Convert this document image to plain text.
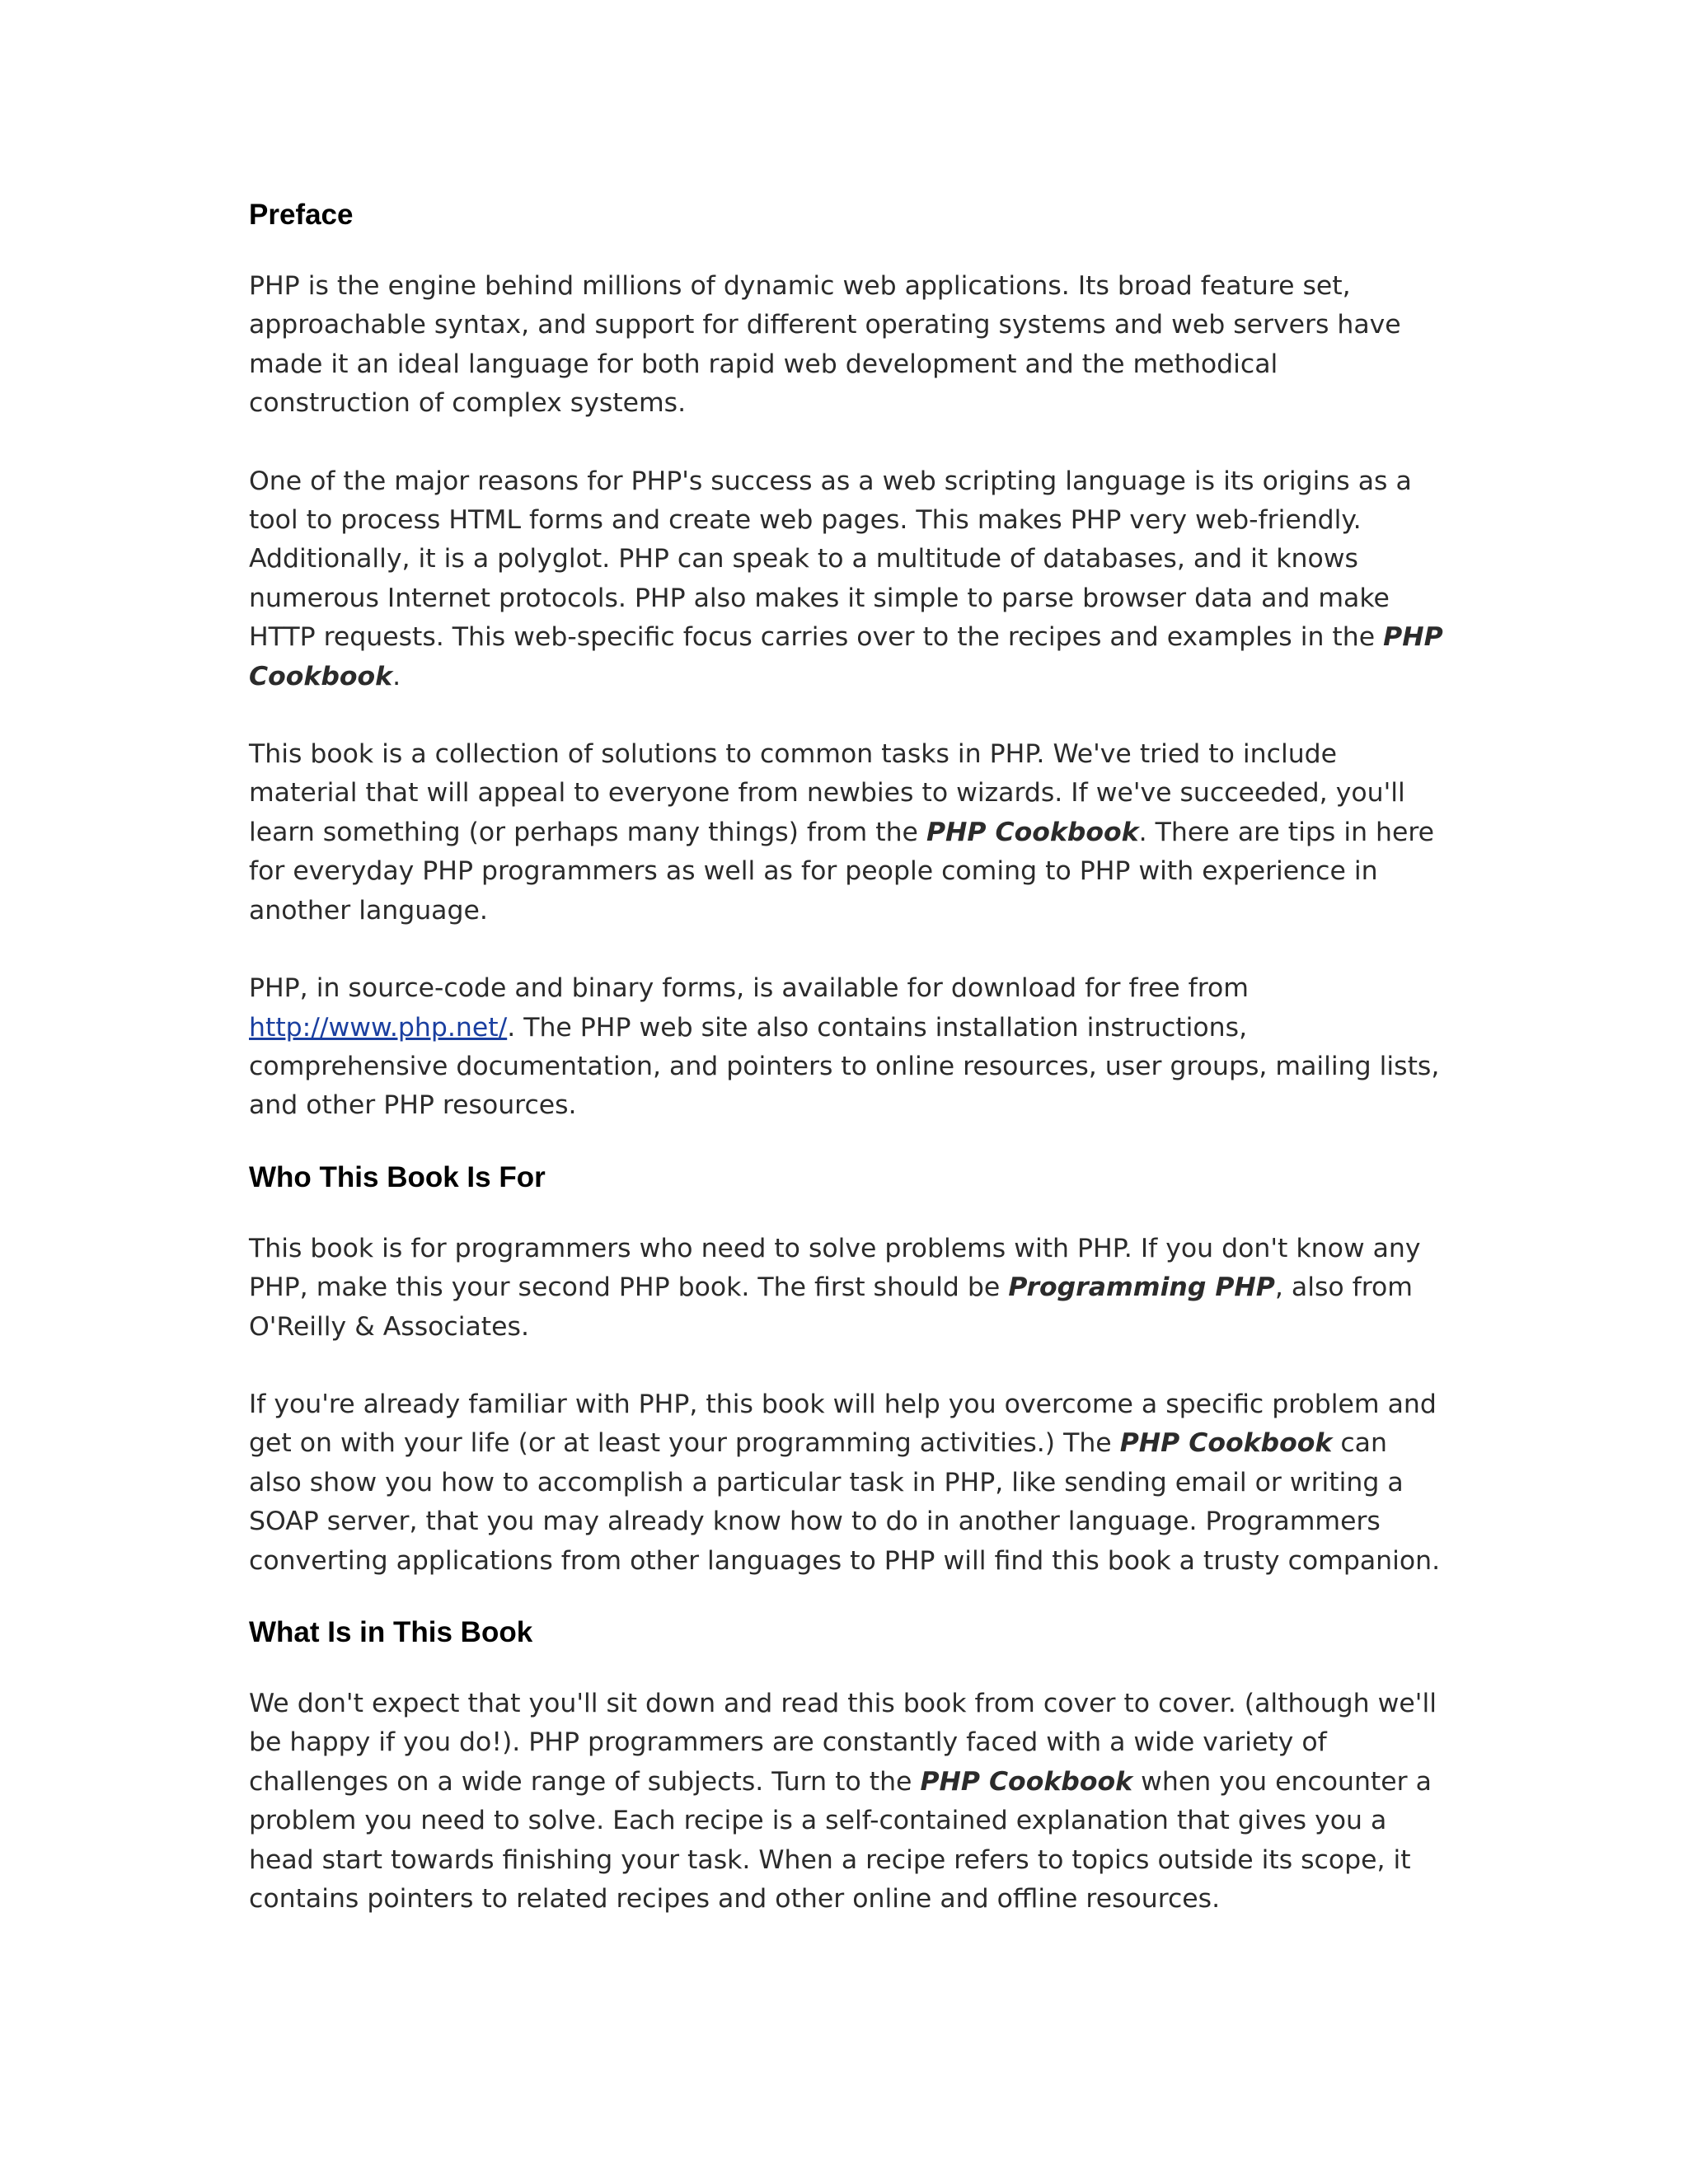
Preface

PHP is the engine behind millions of dynamic web applications. Its broad feature set, approachable syntax, and support for different operating systems and web servers have made it an ideal language for both rapid web development and the methodical construction of complex systems.

One of the major reasons for PHP's success as a web scripting language is its origins as a tool to process HTML forms and create web pages. This makes PHP very web-friendly. Additionally, it is a polyglot. PHP can speak to a multitude of databases, and it knows numerous Internet protocols. PHP also makes it simple to parse browser data and make HTTP requests. This web-specific focus carries over to the recipes and examples in the PHP Cookbook.

This book is a collection of solutions to common tasks in PHP. We've tried to include material that will appeal to everyone from newbies to wizards. If we've succeeded, you'll learn something (or perhaps many things) from the PHP Cookbook. There are tips in here for everyday PHP programmers as well as for people coming to PHP with experience in another language.

PHP, in source-code and binary forms, is available for download for free from http://www.php.net/. The PHP web site also contains installation instructions, comprehensive documentation, and pointers to online resources, user groups, mailing lists, and other PHP resources.

Who This Book Is For

This book is for programmers who need to solve problems with PHP. If you don't know any PHP, make this your second PHP book. The first should be Programming PHP, also from O'Reilly & Associates.

If you're already familiar with PHP, this book will help you overcome a specific problem and get on with your life (or at least your programming activities.) The PHP Cookbook can also show you how to accomplish a particular task in PHP, like sending email or writing a SOAP server, that you may already know how to do in another language. Programmers converting applications from other languages to PHP will find this book a trusty companion.

What Is in This Book

We don't expect that you'll sit down and read this book from cover to cover. (although we'll be happy if you do!). PHP programmers are constantly faced with a wide variety of challenges on a wide range of subjects. Turn to the PHP Cookbook when you encounter a problem you need to solve. Each recipe is a self-contained explanation that gives you a head start towards finishing your task. When a recipe refers to topics outside its scope, it contains pointers to related recipes and other online and offline resources.
